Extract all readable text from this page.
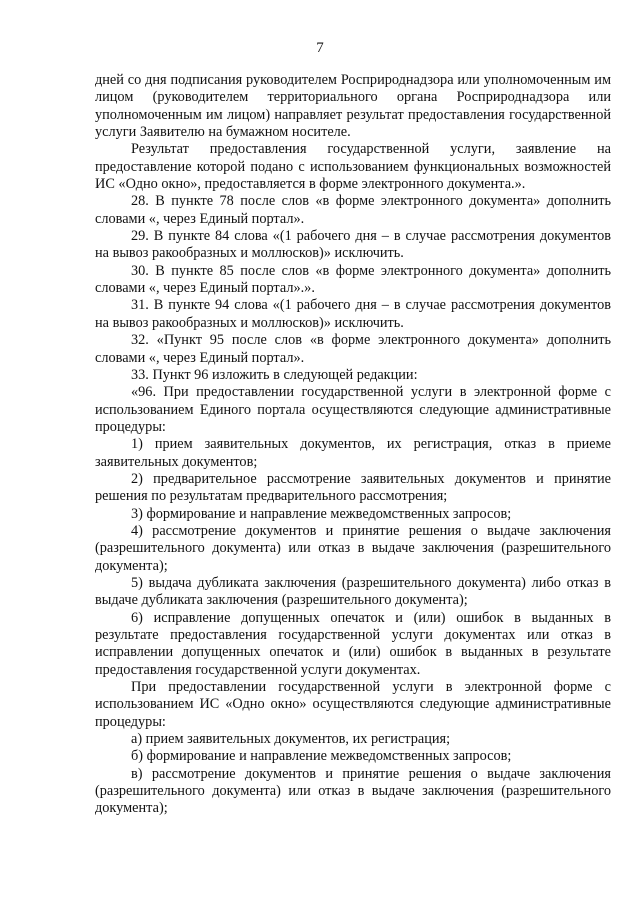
7

дней со дня подписания руководителем Росприроднадзора или уполномоченным им лицом (руководителем территориального органа Росприроднадзора или уполномоченным им лицом) направляет результат предоставления государственной услуги Заявителю на бумажном носителе.

Результат предоставления государственной услуги, заявление на предоставление которой подано с использованием функциональных возможностей ИС «Одно окно», предоставляется в форме электронного документа.».

28. В пункте 78 после слов «в форме электронного документа» дополнить словами «, через Единый портал».

29. В пункте 84 слова «(1 рабочего дня – в случае рассмотрения документов на вывоз ракообразных и моллюсков)» исключить.

30. В пункте 85 после слов «в форме электронного документа» дополнить словами «, через Единый портал».».

31. В пункте 94 слова «(1 рабочего дня – в случае рассмотрения документов на вывоз ракообразных и моллюсков)» исключить.

32. «Пункт 95 после слов «в форме электронного документа» дополнить словами «, через Единый портал».

33. Пункт 96 изложить в следующей редакции:

«96. При предоставлении государственной услуги в электронной форме с использованием Единого портала осуществляются следующие административные процедуры:

1) прием заявительных документов, их регистрация, отказ в приеме заявительных документов;

2) предварительное рассмотрение заявительных документов и принятие решения по результатам предварительного рассмотрения;

3) формирование и направление межведомственных запросов;

4) рассмотрение документов и принятие решения о выдаче заключения (разрешительного документа) или отказ в выдаче заключения (разрешительного документа);

5) выдача дубликата заключения (разрешительного документа) либо отказ в выдаче дубликата заключения (разрешительного документа);

6) исправление допущенных опечаток и (или) ошибок в выданных в результате предоставления государственной услуги документах или отказ в исправлении допущенных опечаток и (или) ошибок в выданных в результате предоставления государственной услуги документах.

При предоставлении государственной услуги в электронной форме с использованием ИС «Одно окно» осуществляются следующие административные процедуры:

а) прием заявительных документов, их регистрация;

б) формирование и направление межведомственных запросов;

в) рассмотрение документов и принятие решения о выдаче заключения (разрешительного документа) или отказ в выдаче заключения (разрешительного документа);
